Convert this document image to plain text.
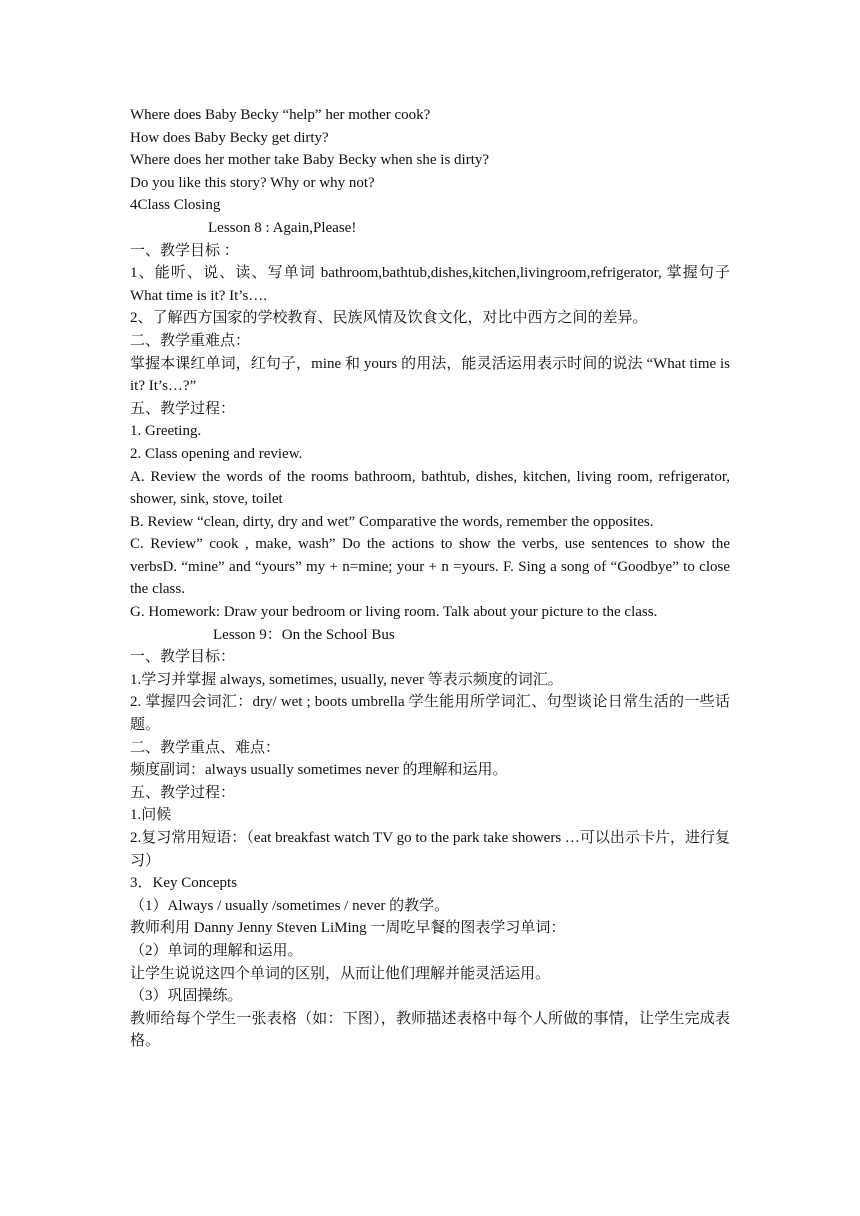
Where does Baby Becky “help” her mother cook?
How does Baby Becky get dirty?
Where does her mother take Baby Becky when she is dirty?
Do you like this story? Why or why not?
4Class Closing
Lesson 8 : Again,Please!
一、教学目标 ：
1、能听、说、读、写单词 bathroom,bathtub,dishes,kitchen,livingroom,refrigerator, 掌握句子 What time is it? It’s….
2、了解西方国家的学校教育、民族风情及饮食文化，对比中西方之间的差异。
二、教学重难点：
掌握本课红单词，红句子，mine 和 yours 的用法，能灵活运用表示时间的说法 “What time is it? It’s…?”
五、教学过程：
1. Greeting.
2. Class opening and review.
A. Review the words of the rooms bathroom, bathtub, dishes, kitchen, living room, refrigerator, shower, sink, stove, toilet
B. Review “clean, dirty, dry and wet” Comparative the words, remember the opposites.
C. Review” cook , make, wash” Do the actions to show the verbs, use sentences to show the verbsD. “mine” and “yours” my + n=mine; your + n =yours. F. Sing a song of “Goodbye” to close the class.
G. Homework: Draw your bedroom or living room. Talk about your picture to the class.
Lesson 9：On the School Bus
一、教学目标：
1.学习并掌握 always, sometimes, usually, never 等表示频度的词汇。
2. 掌握四会词汇：dry/ wet ; boots umbrella 学生能用所学词汇、句型谈论日常生活的一些话题。
二、教学重点、难点：
频度副词：always usually sometimes never 的理解和运用。
五、教学过程：
1.问候
2.复习常用短语：（eat breakfast watch TV go to the park take showers …可以出示卡片，进行复习）
3．Key Concepts
（1）Always / usually /sometimes / never 的教学。
教师利用 Danny Jenny Steven LiMing 一周吃早餐的图表学习单词：
（2）单词的理解和运用。
让学生说说这四个单词的区别，从而让他们理解并能灵活运用。
（3）巩固操练。
教师给每个学生一张表格（如：下图），教师描述表格中每个人所做的事情，让学生完成表格。
